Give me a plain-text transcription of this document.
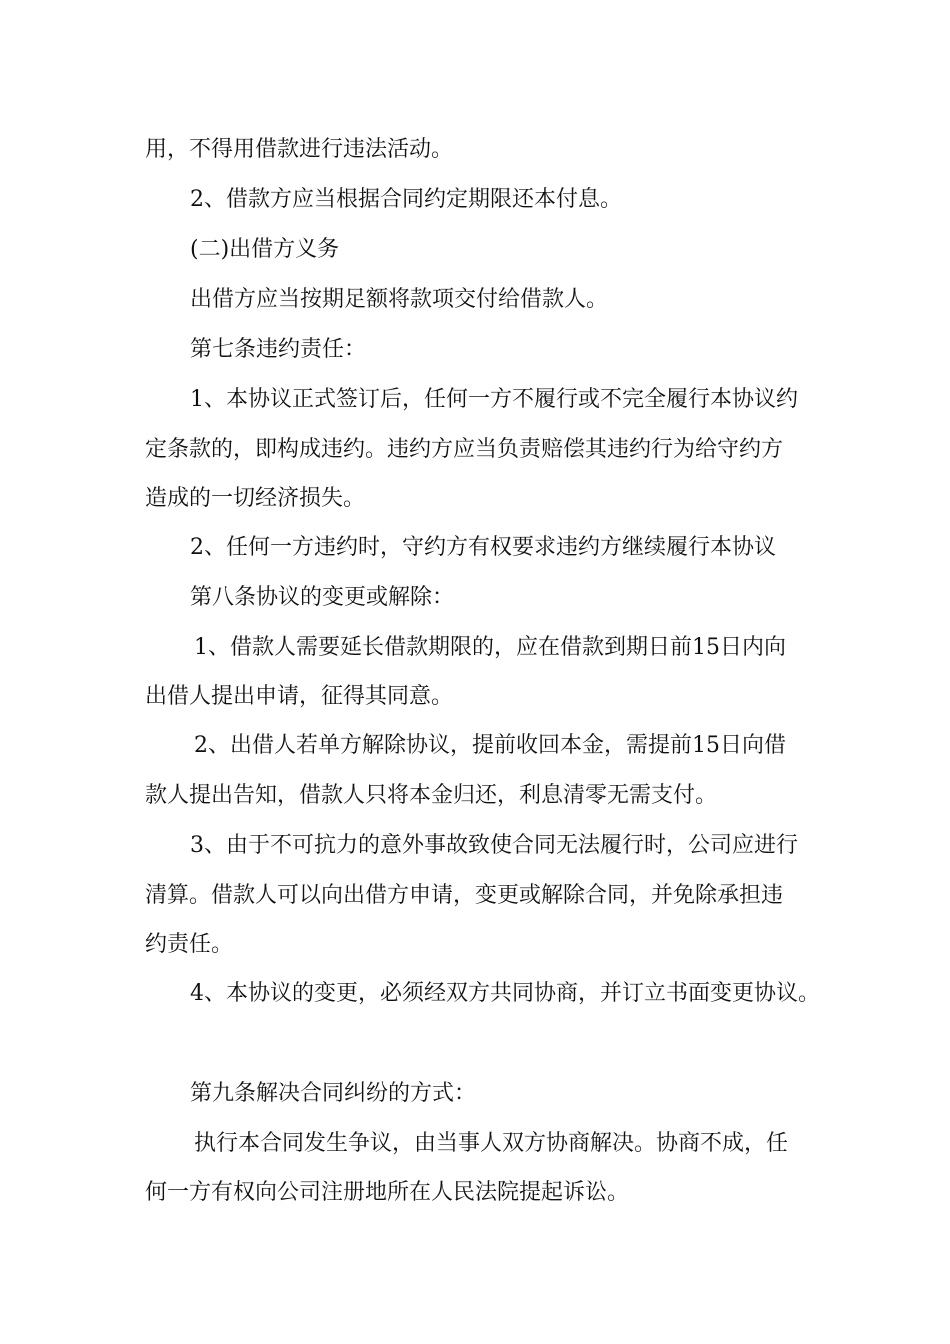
用，不得用借款进行违法活动。
2、借款方应当根据合同约定期限还本付息。
(二)出借方义务
出借方应当按期足额将款项交付给借款人。
第七条违约责任：
1、本协议正式签订后，任何一方不履行或不完全履行本协议约
定条款的，即构成违约。违约方应当负责赔偿其违约行为给守约方
造成的一切经济损失。
2、任何一方违约时，守约方有权要求违约方继续履行本协议
第八条协议的变更或解除：
1、借款人需要延长借款期限的，应在借款到期日前15日内向
出借人提出申请，征得其同意。
2、出借人若单方解除协议，提前收回本金，需提前15日向借
款人提出告知，借款人只将本金归还，利息清零无需支付。
3、由于不可抗力的意外事故致使合同无法履行时，公司应进行
清算。借款人可以向出借方申请，变更或解除合同，并免除承担违
约责任。
4、本协议的变更，必须经双方共同协商，并订立书面变更协议。
第九条解决合同纠纷的方式：
执行本合同发生争议，由当事人双方协商解决。协商不成，任
何一方有权向公司注册地所在人民法院提起诉讼。
